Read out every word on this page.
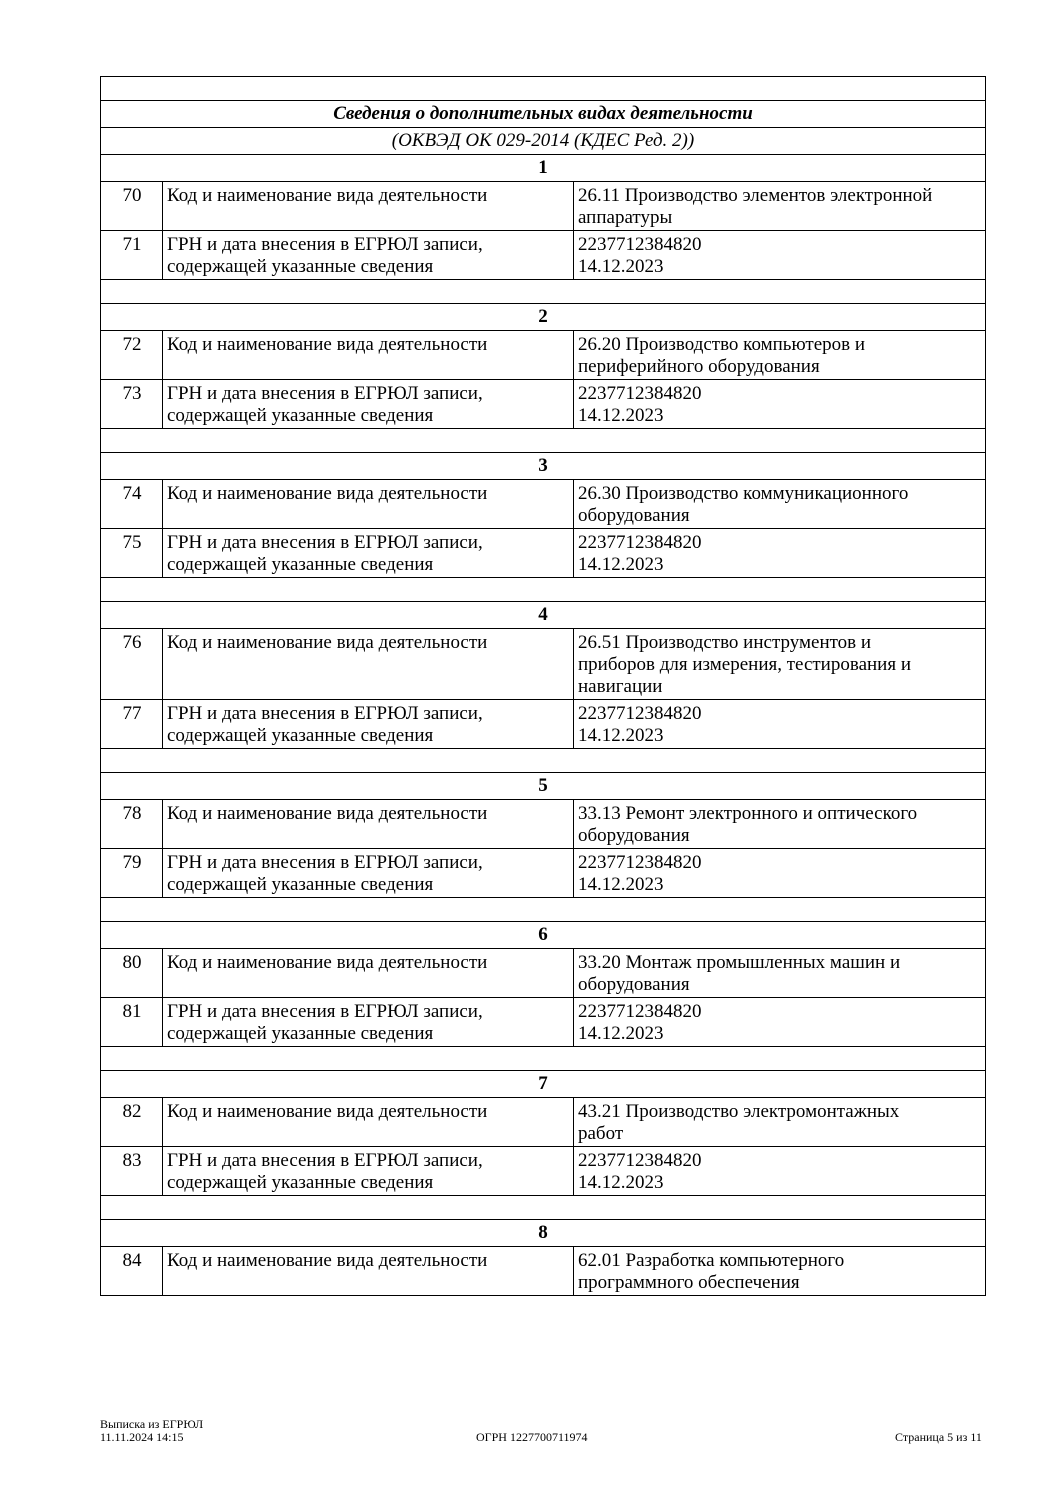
Сведения о дополнительных видах деятельности		
(ОКВЭД ОК 029-2014 (КДЕС Ред. 2))		
1		
70	Код и наименование вида деятельности	26.11 Производство элементов электронной
аппаратуры
71	ГРН и дата внесения в ЕГРЮЛ записи,
содержащей указанные сведения	2237712384820
14.12.2023

2		
72	Код и наименование вида деятельности	26.20 Производство компьютеров и
периферийного оборудования
73	ГРН и дата внесения в ЕГРЮЛ записи,
содержащей указанные сведения	2237712384820
14.12.2023

3		
74	Код и наименование вида деятельности	26.30 Производство коммуникационного
оборудования
75	ГРН и дата внесения в ЕГРЮЛ записи,
содержащей указанные сведения	2237712384820
14.12.2023

4		
76	Код и наименование вида деятельности	26.51 Производство инструментов и
приборов для измерения, тестирования и
навигации
77	ГРН и дата внесения в ЕГРЮЛ записи,
содержащей указанные сведения	2237712384820
14.12.2023

5		
78	Код и наименование вида деятельности	33.13 Ремонт электронного и оптического
оборудования
79	ГРН и дата внесения в ЕГРЮЛ записи,
содержащей указанные сведения	2237712384820
14.12.2023

6		
80	Код и наименование вида деятельности	33.20 Монтаж промышленных машин и
оборудования
81	ГРН и дата внесения в ЕГРЮЛ записи,
содержащей указанные сведения	2237712384820
14.12.2023

7		
82	Код и наименование вида деятельности	43.21 Производство электромонтажных
работ
83	ГРН и дата внесения в ЕГРЮЛ записи,
содержащей указанные сведения	2237712384820
14.12.2023

8		
84	Код и наименование вида деятельности	62.01 Разработка компьютерного
программного обеспечения
Выписка из ЕГРЮЛ
11.11.2024 14:15	ОГРН 1227700711974	Страница 5 из 11
